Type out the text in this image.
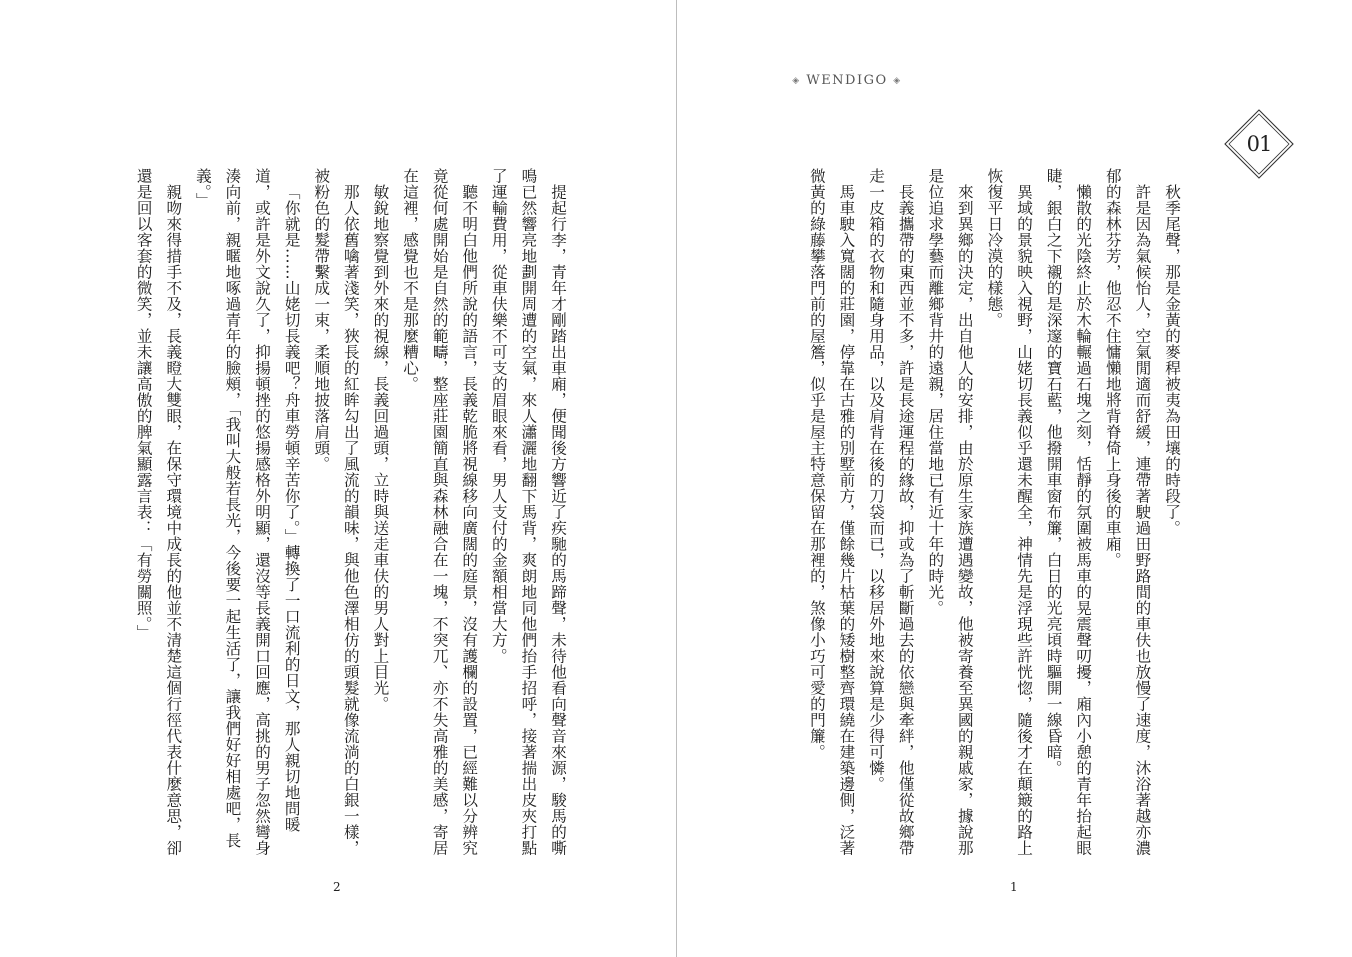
提起行李，青年才剛踏出車廂，便聞後方響近了疾馳的馬蹄聲，未待他看向聲音來源，駿馬的嘶鳴已然響亮地劃開周遭的空氣，來人瀟灑地翻下馬背，爽朗地同他們抬手招呼，接著揣出皮夾打點了運輸費用，從車伕樂不可支的眉眼來看，男人支付的金額相當大方。

聽不明白他們所說的語言，長義乾脆將視線移向廣闊的庭景，沒有護欄的設置，已經難以分辨究竟從何處開始是自然的範疇，整座莊園簡直與森林融合在一塊，不突兀、亦不失高雅的美感，寄居在這裡，感覺也不是那麼糟心。

敏銳地察覺到外來的視線，長義回過頭，立時與送走車伕的男人對上目光。

那人依舊噙著淺笑，狹長的紅眸勾出了風流的韻味，與他色澤相仿的頭髮就像流淌的白銀一樣，被粉色的髮帶繫成一束，柔順地披落肩頭。

「你就是……山姥切長義吧？舟車勞頓辛苦你了。」轉換了一口流利的日文，那人親切地問暖道，或許是外文說久了，抑揚頓挫的悠揚感格外明顯，還沒等長義開口回應，高挑的男子忽然彎身湊向前，親暱地啄過青年的臉頰，「我叫大般若長光，今後要一起生活了，讓我們好好相處吧，長義。」

親吻來得措手不及，長義瞪大雙眼，在保守環境中成長的他並不清楚這個行徑代表什麼意思，卻還是回以客套的微笑，並未讓高傲的脾氣顯露言表：「有勞關照。」

2
◈ WENDIGO ◈
01

秋季尾聲，那是金黃的麥稈被夷為田壤的時段了。

許是因為氣候怡人，空氣閒適而舒緩，連帶著駛過田野路間的車伕也放慢了速度，沐浴著越亦濃郁的森林芬芳，他忍不住慵懶地將背脊倚上身後的車廂。

懶散的光陰終止於木輪輾過石塊之刻，恬靜的氛圍被馬車的晃震聲叨擾，廂內小憩的青年抬起眼睫，銀白之下襯的是深邃的寶石藍，他撥開車窗布簾，白日的光亮頃時驅開一線昏暗。

異域的景貌映入視野，山姥切長義似乎還未醒全，神情先是浮現些許恍惚，隨後才在顛簸的路上恢復平日冷漠的樣態。

來到異鄉的決定，出自他人的安排，由於原生家族遭遇變故，他被寄養至異國的親戚家，據說那是位追求學藝而離鄉背井的遠親，居住當地已有近十年的時光。

長義攜帶的東西並不多，許是長途運程的緣故，抑或為了斬斷過去的依戀與牽絆，他僅從故鄉帶走一皮箱的衣物和隨身用品，以及肩背在後的刀袋而已，以移居外地來說算是少得可憐。

馬車駛入寬闊的莊園，停靠在古雅的別墅前方，僅餘幾片枯葉的矮樹整齊環繞在建築邊側，泛著微黃的綠藤攀落門前的屋簷，似乎是屋主特意保留在那裡的，煞像小巧可愛的門簾。

1
